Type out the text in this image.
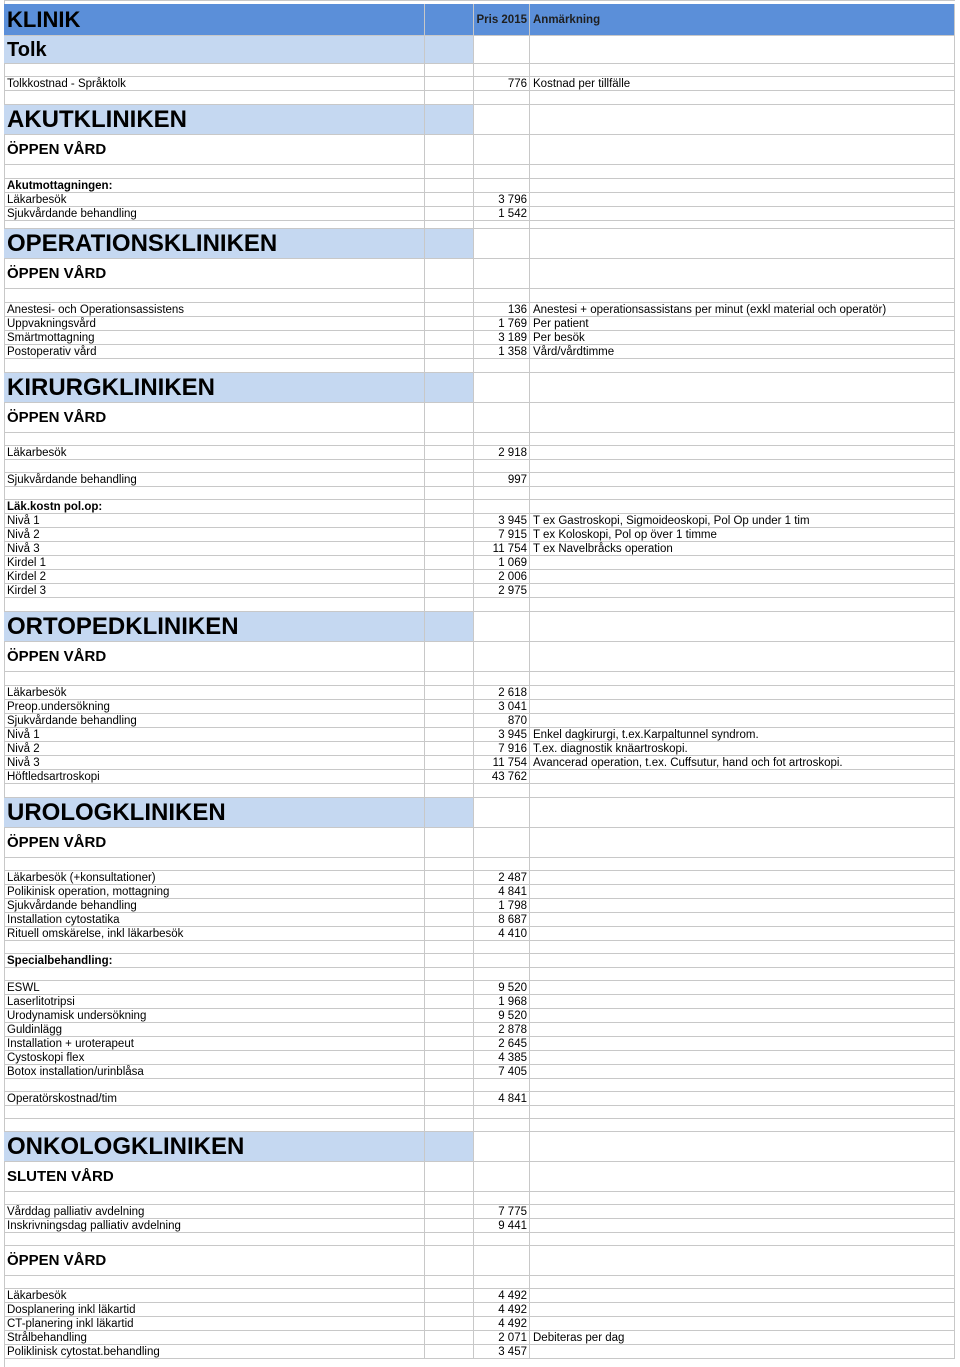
KLINIK	Pris 2015 Anmärkning
Tolk
Tolkkostnad - Språktolk	776 Kostnad per tillfälle
AKUTKLINIKEN
ÖPPEN VÅRD
Akutmottagningen:
Läkarbesök	3 796
Sjukvårdande behandling	1 542
OPERATIONSKLINIKEN
ÖPPEN VÅRD
Anestesi- och Operationsassistens	136 Anestesi + operationsassistans per minut (exkl material och operatör)
Uppvakningsvård	1 769 Per patient
Smärtmottagning	3 189 Per besök
Postoperativ vård	1 358 Vård/vårdtimme
KIRURGKLINIKEN
ÖPPEN VÅRD
Läkarbesök	2 918
Sjukvårdande behandling	997
Läk.kostn pol.op:
Nivå 1	3 945 T ex Gastroskopi, Sigmoideoskopi, Pol Op under 1 tim
Nivå 2	7 915 T ex Koloskopi, Pol op över 1 timme
Nivå 3	11 754 T ex Navelbråcks operation
Kirdel 1	1 069
Kirdel 2	2 006
Kirdel 3	2 975
ORTOPEDKLINIKEN
ÖPPEN VÅRD
Läkarbesök	2 618
Preop.undersökning	3 041
Sjukvårdande behandling	870
Nivå 1	3 945 Enkel dagkirurgi, t.ex.Karpaltunnel syndrom.
Nivå 2	7 916 T.ex. diagnostik knäartroskopi.
Nivå 3	11 754 Avancerad operation, t.ex. Cuffsutur, hand och fot artroskopi.
Höftledsartroskopi	43 762
UROLOGKLINIKEN
ÖPPEN VÅRD
Läkarbesök (+konsultationer)	2 487
Polikinisk operation, mottagning	4 841
Sjukvårdande behandling	1 798
Installation cytostatika	8 687
Rituell omskärelse, inkl läkarbesök	4 410
Specialbehandling:
ESWL	9 520
Laserlitotripsi	1 968
Urodynamisk undersökning	9 520
Guldinlägg	2 878
Installation + uroterapeut	2 645
Cystoskopi flex	4 385
Botox installation/urinblåsa	7 405
Operatörskostnad/tim	4 841
ONKOLOGKLINIKEN
SLUTEN VÅRD
Vårddag palliativ avdelning	7 775
Inskrivningsdag palliativ avdelning	9 441
ÖPPEN VÅRD
Läkarbesök	4 492
Dosplanering inkl läkartid	4 492
CT-planering inkl läkartid	4 492
Strålbehandling	2 071 Debiteras per dag
Poliklinisk cytostat.behandling	3 457
